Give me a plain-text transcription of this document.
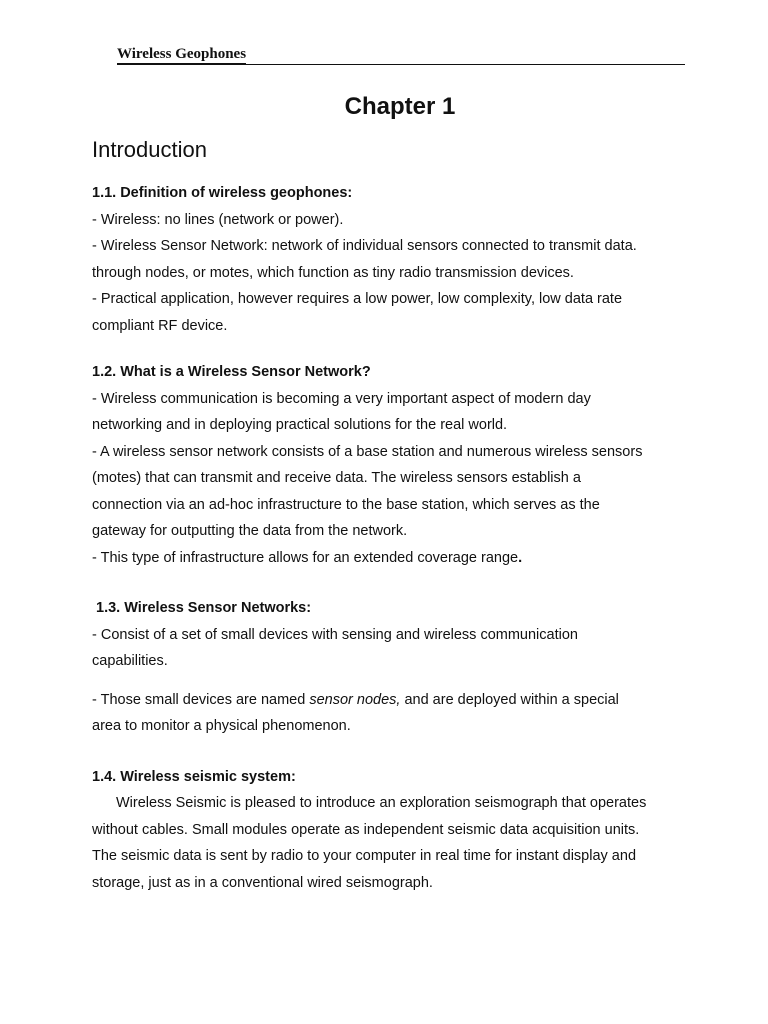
Wireless Geophones
Chapter 1
Introduction

1.1. Definition of wireless geophones:

- Wireless: no lines (network or power).

- Wireless Sensor Network: network of individual sensors connected to transmit data.

through nodes, or motes, which function as tiny radio transmission devices.

- Practical application, however requires a low power, low complexity, low data rate

compliant RF device.

1.2. What is a Wireless Sensor Network?

- Wireless communication is becoming a very important aspect of modern day

networking and in deploying practical solutions for the real world.

- A wireless sensor network consists of a base station and numerous wireless sensors

(motes) that can transmit and receive data. The wireless sensors establish a

connection via an ad-hoc infrastructure to the base station, which serves as the

gateway for outputting the data from the network.

- This type of infrastructure allows for an extended coverage range.

1.3. Wireless Sensor Networks:

- Consist of a set of small devices with sensing and wireless communication

capabilities.

- Those small devices are named sensor nodes, and are deployed within a special

area to monitor a physical phenomenon.

1.4. Wireless seismic system:

Wireless Seismic is pleased to introduce an exploration seismograph that operates

without cables. Small modules operate as independent seismic data acquisition units.

The seismic data is sent by radio to your computer in real time for instant display and

storage, just as in a conventional wired seismograph.
